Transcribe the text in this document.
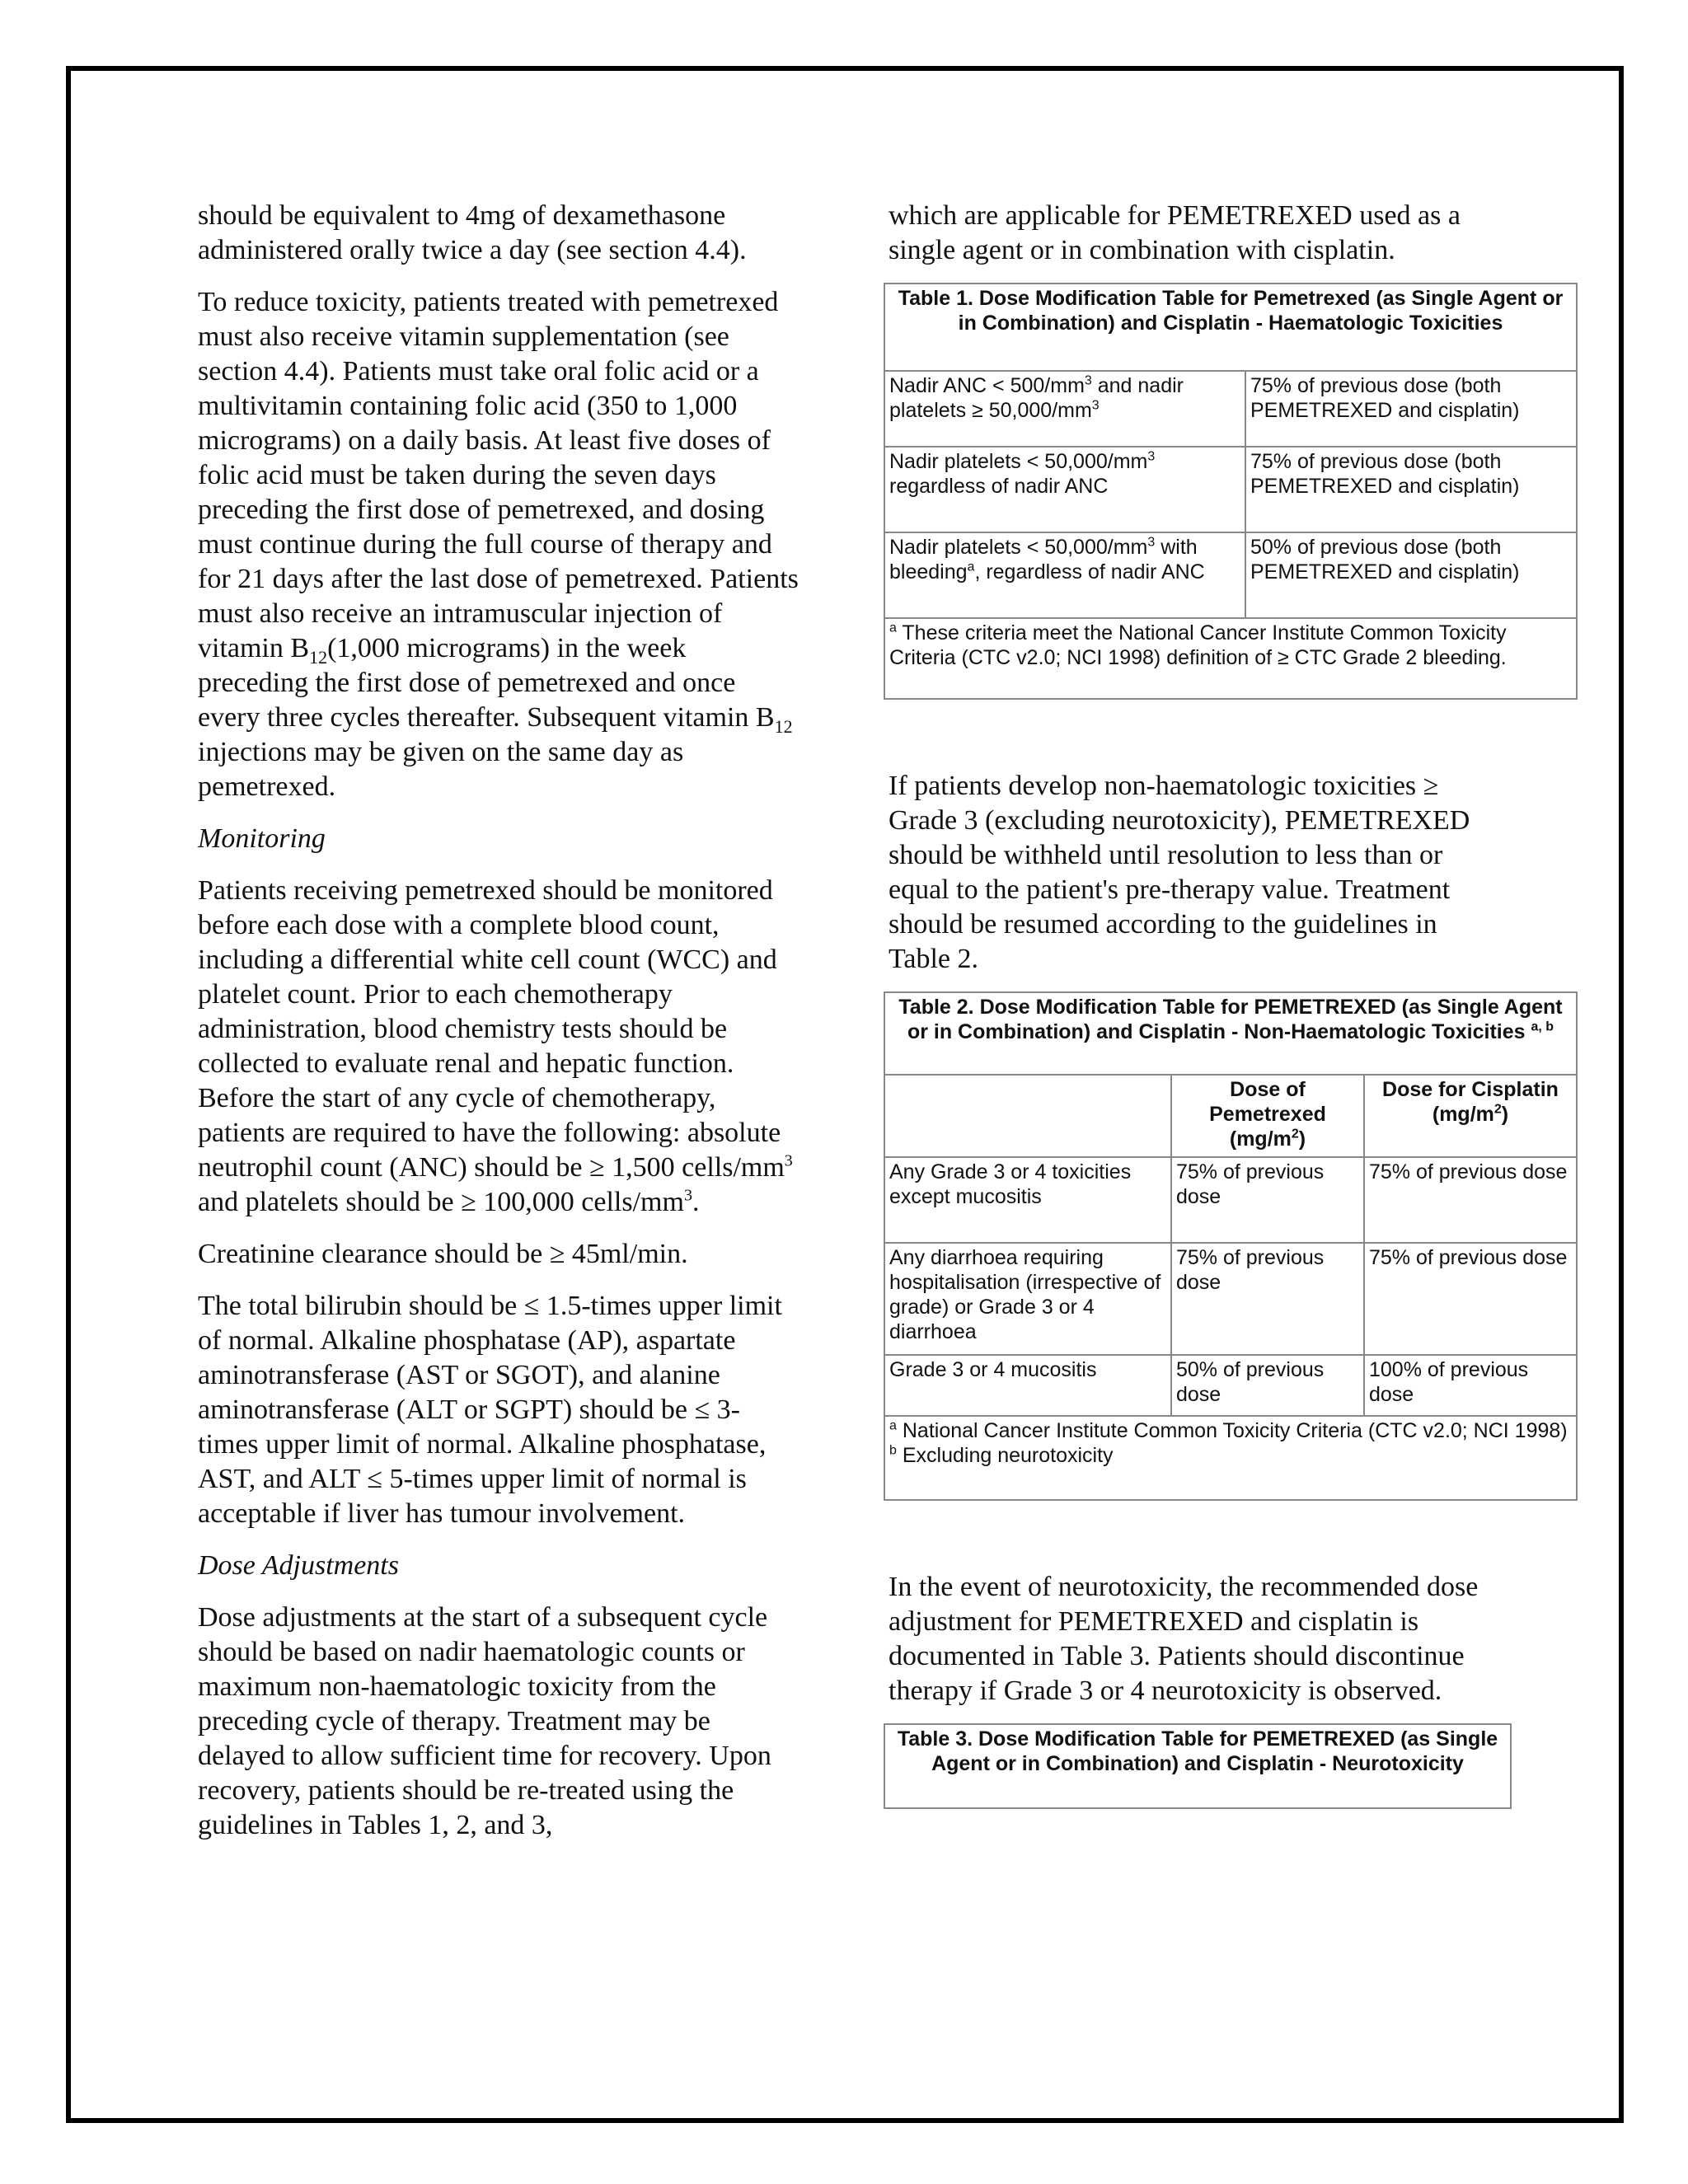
should be equivalent to 4mg of dexamethasone administered orally twice a day (see section 4.4).

To reduce toxicity, patients treated with pemetrexed must also receive vitamin supplementation (see section 4.4). Patients must take oral folic acid or a multivitamin containing folic acid (350 to 1,000 micrograms) on a daily basis. At least five doses of folic acid must be taken during the seven days preceding the first dose of pemetrexed, and dosing must continue during the full course of therapy and for 21 days after the last dose of pemetrexed. Patients must also receive an intramuscular injection of vitamin $B_{12}(1,000$ micrograms) in the week preceding the first dose of pemetrexed and once every three cycles thereafter. Subsequent vitamin $B_{12}$ injections may be given on the same day as pemetrexed.

Monitoring

Patients receiving pemetrexed should be monitored before each dose with a complete blood count, including a differential white cell count (WCC) and platelet count. Prior to each chemotherapy administration, blood chemistry tests should be collected to evaluate renal and hepatic function. Before the start of any cycle of chemotherapy, patients are required to have the following: absolute neutrophil count (ANC) should be ≥ 1,500 cells/$mm^3$ and platelets should be ≥ 100,000 cells/$mm^3$.

Creatinine clearance should be ≥ 45ml/min.

The total bilirubin should be ≤ 1.5-times upper limit of normal. Alkaline phosphatase (AP), aspartate aminotransferase (AST or SGOT), and alanine aminotransferase (ALT or SGPT) should be ≤ 3-times upper limit of normal. Alkaline phosphatase, AST, and ALT ≤ 5-times upper limit of normal is acceptable if liver has tumour involvement.

Dose Adjustments

Dose adjustments at the start of a subsequent cycle should be based on nadir haematologic counts or maximum non-haematologic toxicity from the preceding cycle of therapy. Treatment may be delayed to allow sufficient time for recovery. Upon recovery, patients should be re-treated using the guidelines in Tables 1, 2, and 3,

which are applicable for PEMETREXED used as a single agent or in combination with cisplatin.

Table 1. Dose Modification Table for Pemetrexed (as Single Agent or in Combination) and Cisplatin - Haematologic Toxicities	
Nadir ANC < $500/mm^3$ and nadir platelets ≥ $50,000/mm^3$	75% of previous dose (both PEMETREXED and cisplatin)
Nadir platelets < $50,000/mm^3$ regardless of nadir ANC	75% of previous dose (both PEMETREXED and cisplatin)
Nadir platelets < $50,000/mm^3$ with bleeding$^a$, regardless of nadir ANC	50% of previous dose (both PEMETREXED and cisplatin)
$^a$ These criteria meet the National Cancer Institute Common Toxicity Criteria (CTC v2.0; NCI 1998) definition of ≥ CTC Grade 2 bleeding.	

If patients develop non-haematologic toxicities ≥ Grade 3 (excluding neurotoxicity), PEMETREXED should be withheld until resolution to less than or equal to the patient's pre-therapy value. Treatment should be resumed according to the guidelines in Table 2.

Table 2. Dose Modification Table for PEMETREXED (as Single Agent or in Combination) and Cisplatin - Non-Haematologic Toxicities $^{a, b}$
	Dose of Pemetrexed $(mg/m^2)$	Dose for Cisplatin $(mg/m^2)$
Any Grade 3 or 4 toxicities except mucositis	75% of previous dose	75% of previous dose
Any diarrhoea requiring hospitalisation (irrespective of grade) or Grade 3 or 4 diarrhoea	75% of previous dose	75% of previous dose
Grade 3 or 4 mucositis	50% of previous dose	100% of previous dose
$^a$ National Cancer Institute Common Toxicity Criteria (CTC v2.0; NCI 1998)
$^b$ Excluding neurotoxicity		

In the event of neurotoxicity, the recommended dose adjustment for PEMETREXED and cisplatin is documented in Table 3. Patients should discontinue therapy if Grade 3 or 4 neurotoxicity is observed.

Table 3. Dose Modification Table for PEMETREXED (as Single Agent or in Combination) and Cisplatin - Neurotoxicity
